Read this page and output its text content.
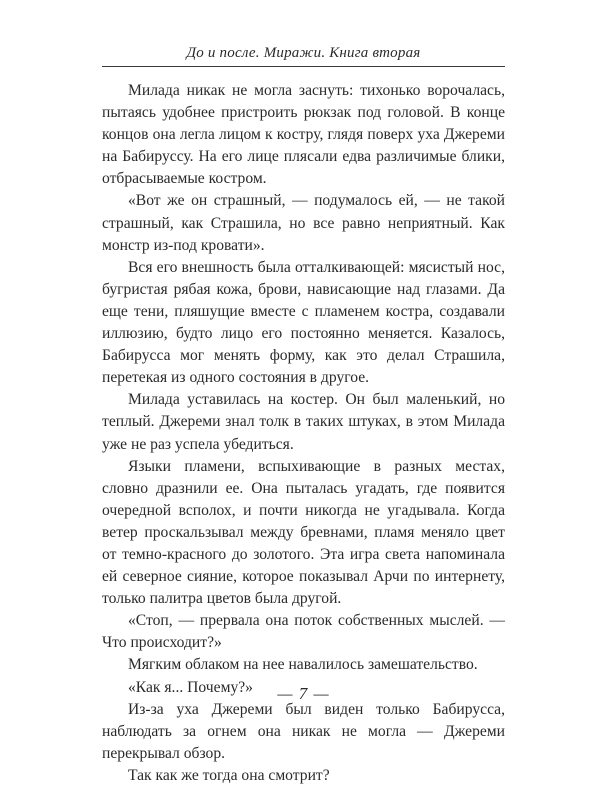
До и после. Миражи. Книга вторая

Милада никак не могла заснуть: тихонько ворочалась, пытаясь удобнее пристроить рюкзак под головой. В конце концов она легла лицом к костру, глядя поверх уха Джереми на Бабируссу. На его лице плясали едва различимые блики, отбрасываемые костром.

«Вот же он страшный, — подумалось ей, — не такой страшный, как Страшила, но все равно неприятный. Как монстр из-под кровати».

Вся его внешность была отталкивающей: мясистый нос, бугристая рябая кожа, брови, нависающие над глазами. Да еще тени, пляшущие вместе с пламенем костра, создавали иллюзию, будто лицо его постоянно меняется. Казалось, Бабирусса мог менять форму, как это делал Страшила, перетекая из одного состояния в другое.

Милада уставилась на костер. Он был маленький, но теплый. Джереми знал толк в таких штуках, в этом Милада уже не раз успела убедиться.

Языки пламени, вспыхивающие в разных местах, словно дразнили ее. Она пыталась угадать, где появится очередной всполох, и почти никогда не угадывала. Когда ветер проскальзывал между бревнами, пламя меняло цвет от темно-красного до золотого. Эта игра света напоминала ей северное сияние, которое показывал Арчи по интернету, только палитра цветов была другой.

«Стоп, — прервала она поток собственных мыслей. — Что происходит?»

Мягким облаком на нее навалилось замешательство.

«Как я... Почему?»

Из-за уха Джереми был виден только Бабирусса, наблюдать за огнем она никак не могла — Джереми перекрывал обзор.

Так как же тогда она смотрит?

— 7 —
